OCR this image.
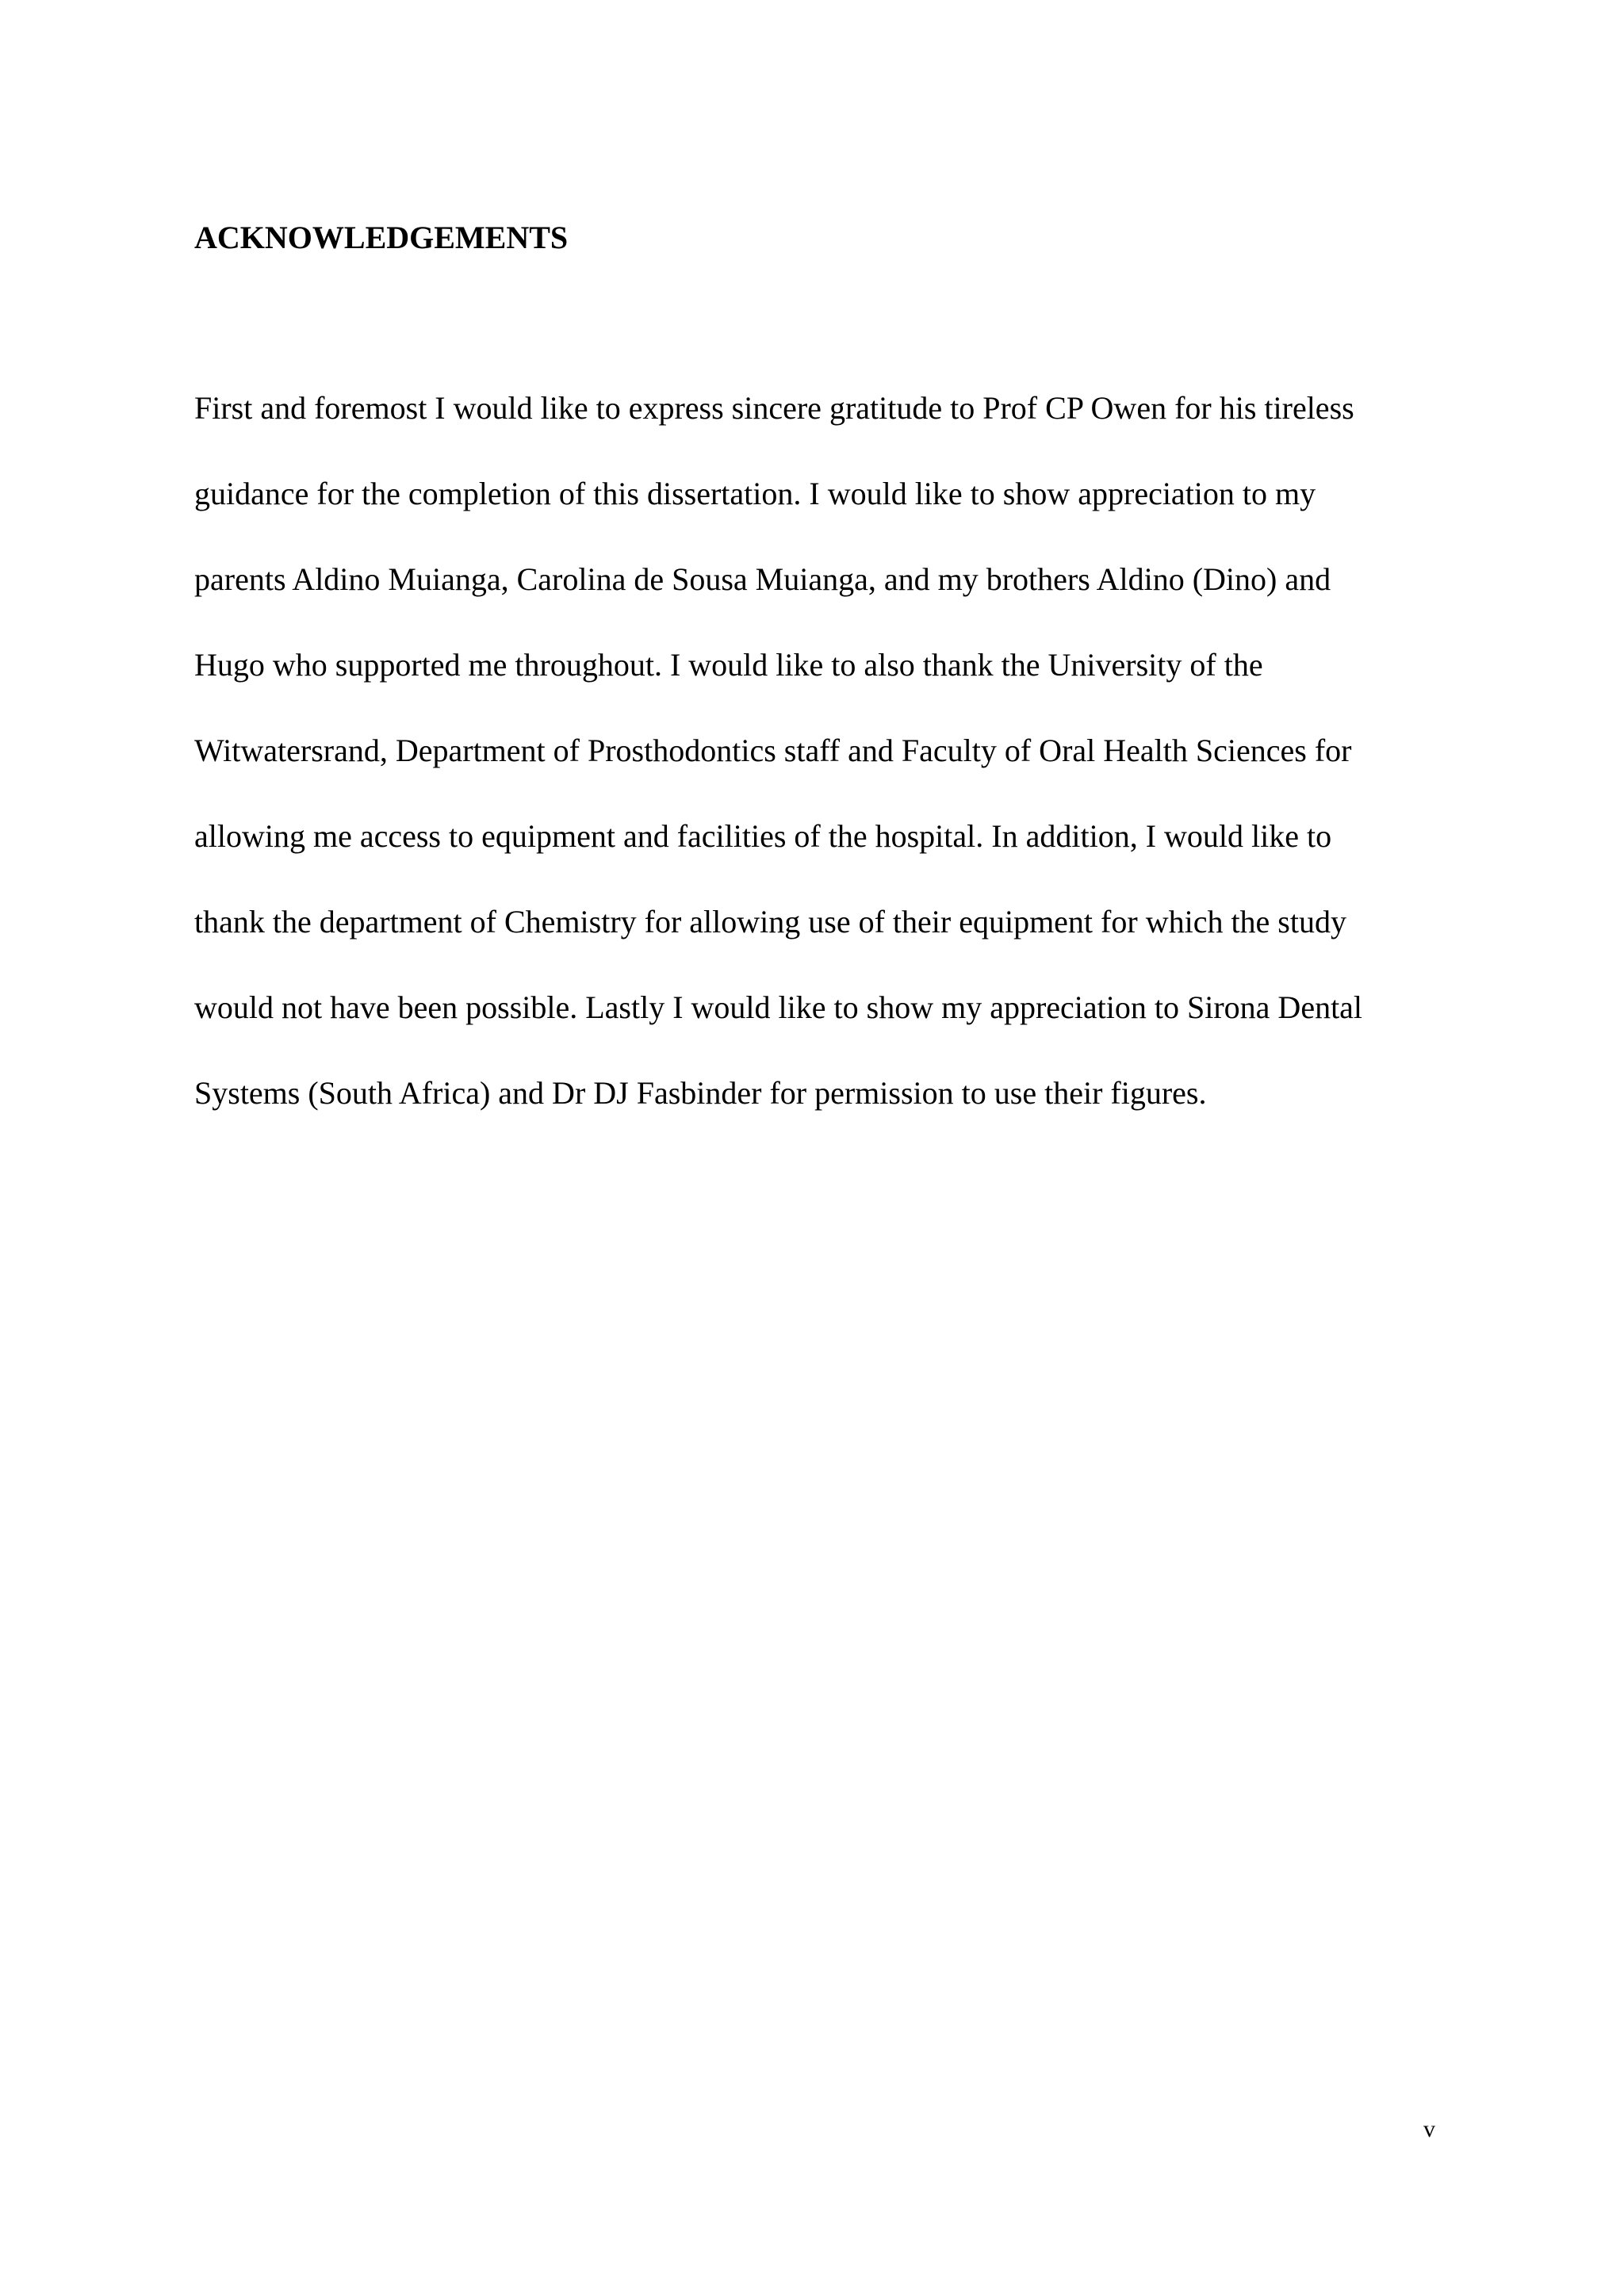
ACKNOWLEDGEMENTS
First and foremost I would like to express sincere gratitude to Prof CP Owen for his tireless
guidance for the completion of this dissertation. I would like to show appreciation to my
parents Aldino Muianga, Carolina de Sousa Muianga, and my brothers Aldino (Dino) and
Hugo who supported me throughout. I would like to also thank the University of the
Witwatersrand, Department of Prosthodontics staff and Faculty of Oral Health Sciences for
allowing me access to equipment and facilities of the hospital. In addition, I would like to
thank the department of Chemistry for allowing use of their equipment for which the study
would not have been possible. Lastly I would like to show my appreciation to Sirona Dental
Systems (South Africa) and Dr DJ Fasbinder for permission to use their figures.
v
